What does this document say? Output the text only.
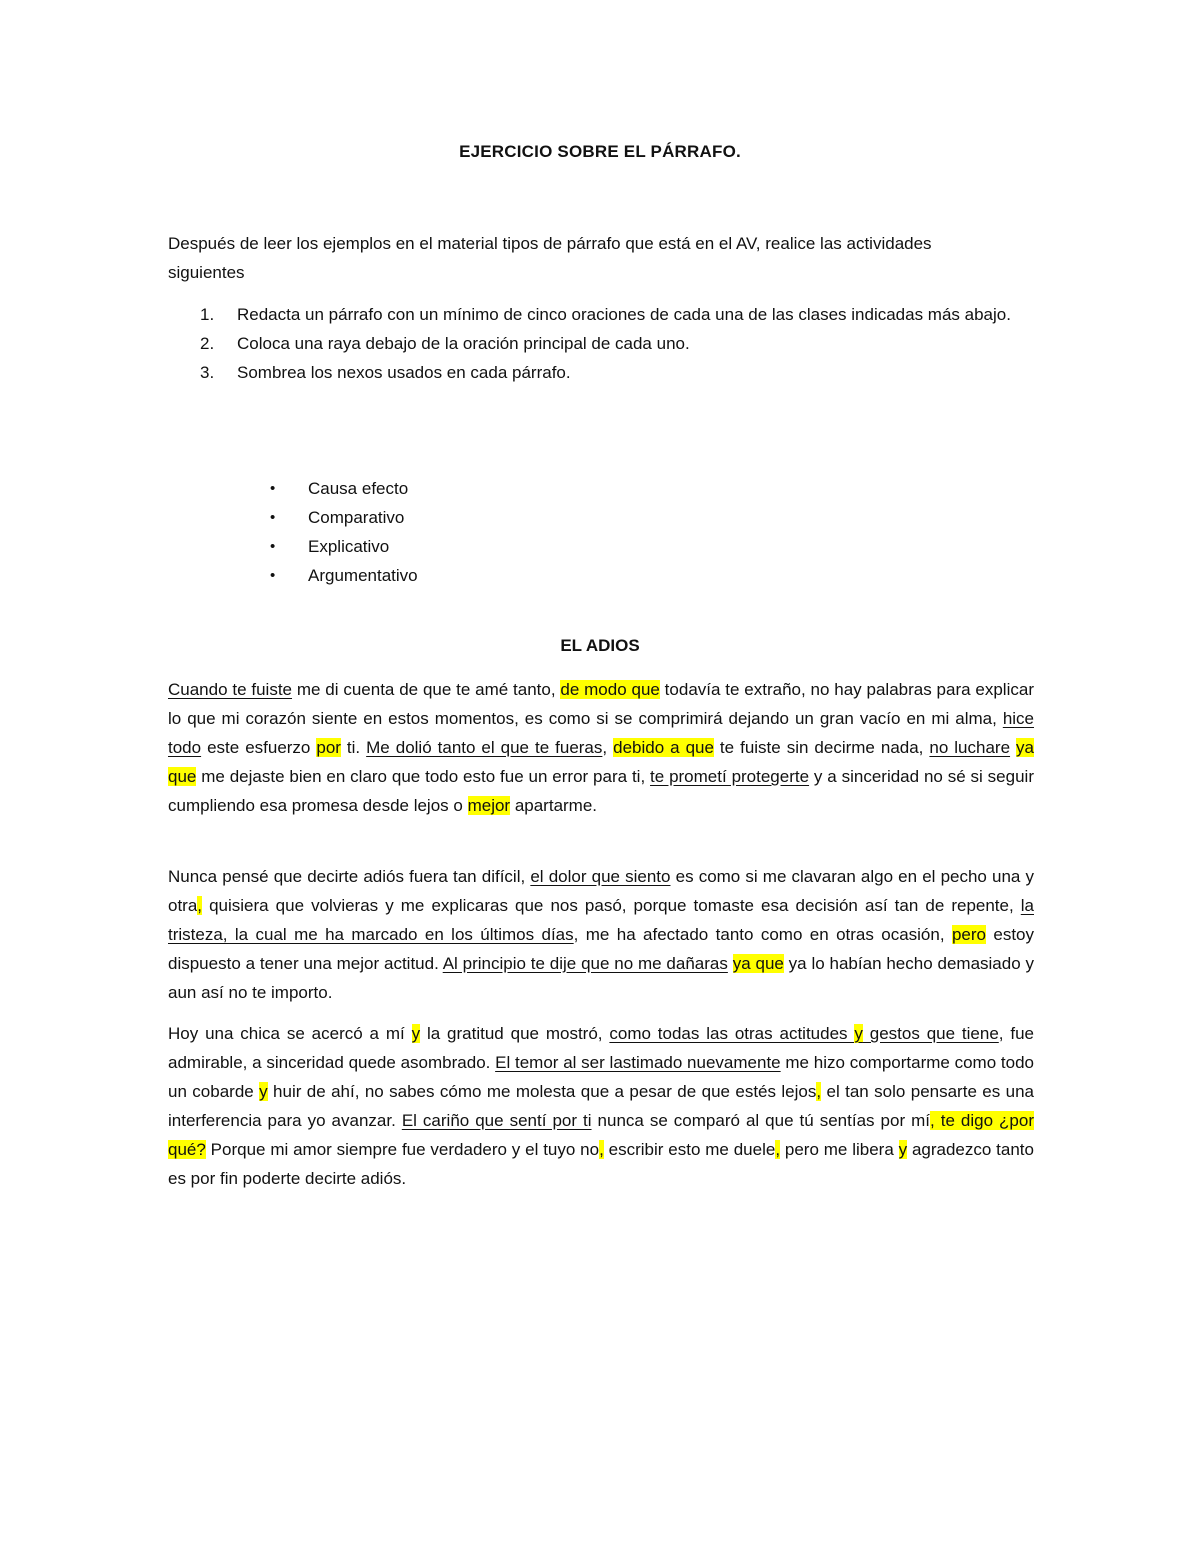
EJERCICIO SOBRE EL PÁRRAFO.
Después de leer los ejemplos en el material tipos de párrafo que está en el AV, realice las actividades siguientes
1. Redacta un párrafo con un mínimo de cinco oraciones de cada una de las clases indicadas más abajo.
2. Coloca una raya debajo de la oración principal de cada uno.
3. Sombrea los nexos usados en cada párrafo.
• Causa efecto
• Comparativo
• Explicativo
• Argumentativo
EL ADIOS

Cuando te fuiste me di cuenta de que te amé tanto, de modo que todavía te extraño, no hay palabras para explicar lo que mi corazón siente en estos momentos, es como si se comprimirá dejando un gran vacío en mi alma, hice todo este esfuerzo por ti. Me dolió tanto el que te fueras, debido a que te fuiste sin decirme nada, no luchare ya que me dejaste bien en claro que todo esto fue un error para ti, te prometí protegerte y a sinceridad no sé si seguir cumpliendo esa promesa desde lejos o mejor apartarme.

Nunca pensé que decirte adiós fuera tan difícil, el dolor que siento es como si me clavaran algo en el pecho una y otra, quisiera que volvieras y me explicaras que nos pasó, porque tomaste esa decisión así tan de repente, la tristeza, la cual me ha marcado en los últimos días, me ha afectado tanto como en otras ocasión, pero estoy dispuesto a tener una mejor actitud. Al principio te dije que no me dañaras ya que ya lo habían hecho demasiado y aun así no te importo.

Hoy una chica se acercó a mí y la gratitud que mostró, como todas las otras actitudes y gestos que tiene, fue admirable, a sinceridad quede asombrado. El temor al ser lastimado nuevamente me hizo comportarme como todo un cobarde y huir de ahí, no sabes cómo me molesta que a pesar de que estés lejos, el tan solo pensarte es una interferencia para yo avanzar. El cariño que sentí por ti nunca se comparó al que tú sentías por mí, te digo ¿por qué? Porque mi amor siempre fue verdadero y el tuyo no, escribir esto me duele, pero me libera y agradezco tanto es por fin poderte decirte adiós.
